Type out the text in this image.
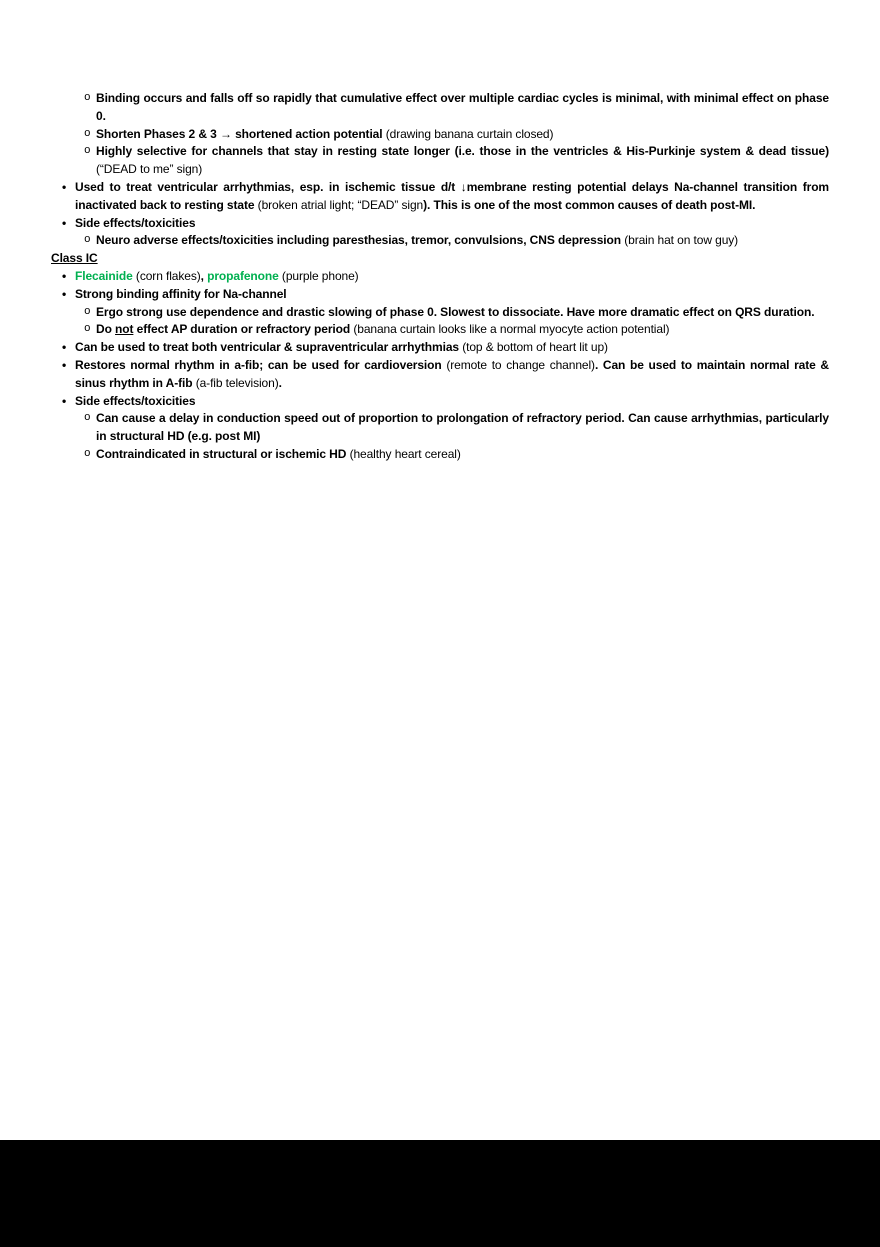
o Binding occurs and falls off so rapidly that cumulative effect over multiple cardiac cycles is minimal, with minimal effect on phase 0.
o Shorten Phases 2 & 3 → shortened action potential (drawing banana curtain closed)
o Highly selective for channels that stay in resting state longer (i.e. those in the ventricles & His-Purkinje system & dead tissue) (“DEAD to me” sign)
• Used to treat ventricular arrhythmias, esp. in ischemic tissue d/t ↓membrane resting potential delays Na-channel transition from inactivated back to resting state (broken atrial light; “DEAD” sign). This is one of the most common causes of death post-MI.
• Side effects/toxicities
o Neuro adverse effects/toxicities including paresthesias, tremor, convulsions, CNS depression (brain hat on tow guy)
Class IC
• Flecainide (corn flakes), propafenone (purple phone)
• Strong binding affinity for Na-channel
o Ergo strong use dependence and drastic slowing of phase 0. Slowest to dissociate. Have more dramatic effect on QRS duration.
o Do not effect AP duration or refractory period (banana curtain looks like a normal myocyte action potential)
• Can be used to treat both ventricular & supraventricular arrhythmias (top & bottom of heart lit up)
• Restores normal rhythm in a-fib; can be used for cardioversion (remote to change channel). Can be used to maintain normal rate & sinus rhythm in A-fib (a-fib television).
• Side effects/toxicities
o Can cause a delay in conduction speed out of proportion to prolongation of refractory period. Can cause arrhythmias, particularly in structural HD (e.g. post MI)
o Contraindicated in structural or ischemic HD (healthy heart cereal)
